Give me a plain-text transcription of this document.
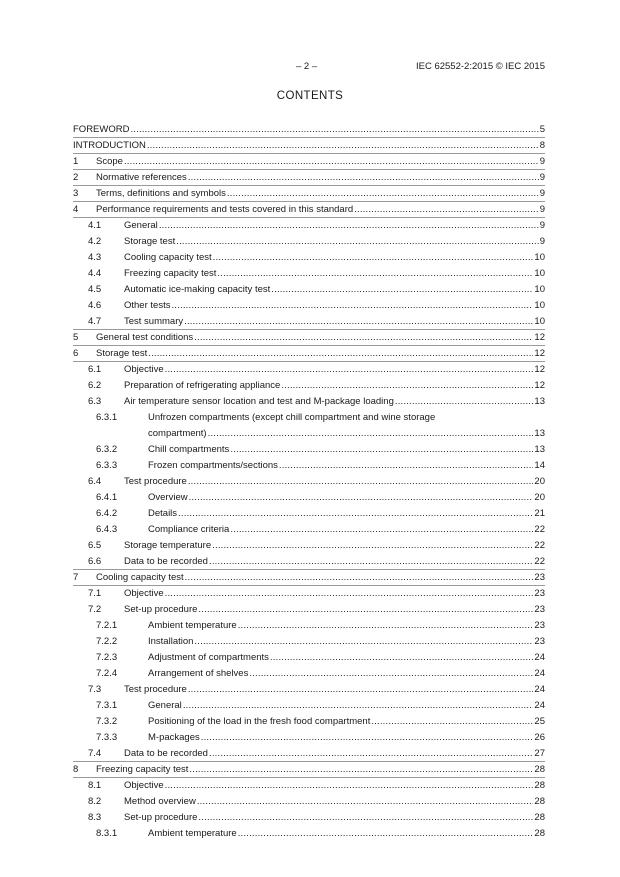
– 2 –	IEC 62552-2:2015 © IEC 2015
CONTENTS
FOREWORD .....	5
INTRODUCTION .....	8
1 Scope .....	9
2 Normative references .....	9
3 Terms, definitions and symbols .....	9
4 Performance requirements and tests covered in this standard .....	9
4.1 General .....	9
4.2 Storage test .....	9
4.3 Cooling capacity test .....	10
4.4 Freezing capacity test .....	10
4.5 Automatic ice-making capacity test .....	10
4.6 Other tests .....	10
4.7 Test summary .....	10
5 General test conditions .....	12
6 Storage test .....	12
6.1 Objective .....	12
6.2 Preparation of refrigerating appliance .....	12
6.3 Air temperature sensor location and test and M-package loading .....	13
6.3.1	Unfrozen compartments (except chill compartment and wine storage
compartment) .....	13
6.3.2	Chill compartments .....	13
6.3.3	Frozen compartments/sections .....	14
6.4 Test procedure .....	20
6.4.1	Overview .....	20
6.4.2	Details .....	21
6.4.3	Compliance criteria .....	22
6.5 Storage temperature .....	22
6.6 Data to be recorded .....	22
7 Cooling capacity test .....	23
7.1 Objective .....	23
7.2 Set-up procedure .....	23
7.2.1	Ambient temperature .....	23
7.2.2	Installation .....	23
7.2.3	Adjustment of compartments .....	24
7.2.4	Arrangement of shelves .....	24
7.3 Test procedure .....	24
7.3.1	General .....	24
7.3.2	Positioning of the load in the fresh food compartment .....	25
7.3.3	M-packages .....	26
7.4 Data to be recorded .....	27
8 Freezing capacity test .....	28
8.1 Objective .....	28
8.2 Method overview .....	28
8.3 Set-up procedure .....	28
8.3.1	Ambient temperature .....	28
